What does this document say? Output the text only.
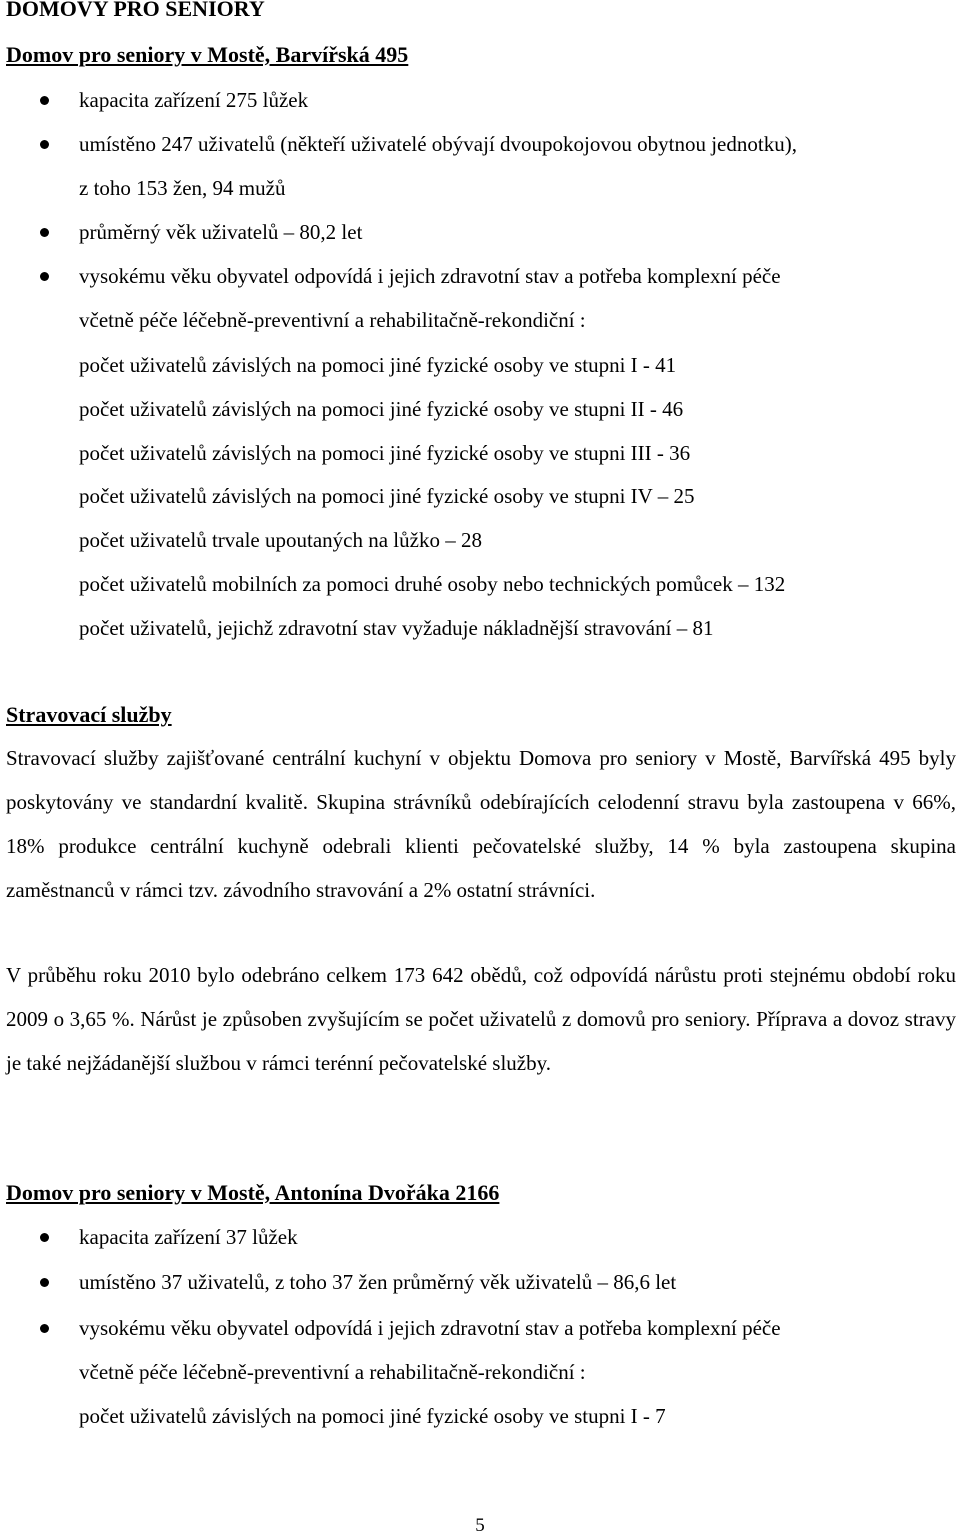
DOMOVY PRO SENIORY
Domov pro seniory v Mostě, Barvířská 495
kapacita zařízení 275 lůžek
umístěno 247 uživatelů (někteří uživatelé obývají dvoupokojovou obytnou jednotku),
z toho 153 žen, 94 mužů
průměrný věk uživatelů – 80,2 let
vysokému věku obyvatel odpovídá i jejich zdravotní stav a potřeba komplexní péče
včetně péče léčebně-preventivní a rehabilitačně-rekondiční :
počet uživatelů závislých na pomoci jiné fyzické osoby ve stupni I - 41
počet uživatelů závislých na pomoci jiné fyzické osoby ve stupni II - 46
počet uživatelů závislých na pomoci jiné fyzické osoby ve stupni III - 36
počet uživatelů závislých na pomoci jiné fyzické osoby ve stupni IV – 25
počet uživatelů trvale upoutaných na lůžko – 28
počet uživatelů mobilních za pomoci druhé osoby nebo technických pomůcek – 132
počet uživatelů, jejichž zdravotní stav vyžaduje nákladnější stravování – 81
Stravovací služby
Stravovací služby zajišťované centrální kuchyní v objektu Domova pro seniory v Mostě, Barvířská 495 byly poskytovány ve standardní kvalitě. Skupina strávníků odebírajících celodenní stravu byla zastoupena v 66%, 18% produkce centrální kuchyně odebrali klienti pečovatelské služby, 14 % byla zastoupena skupina zaměstnanců v rámci tzv. závodního stravování a 2% ostatní strávníci.
V průběhu roku 2010 bylo odebráno celkem 173 642 obědů, což odpovídá nárůstu proti stejnému období roku 2009 o 3,65 %. Nárůst je způsoben zvyšujícím se počet uživatelů z domovů pro seniory. Příprava a dovoz stravy je také nejžádanější službou v rámci terénní pečovatelské služby.
Domov pro seniory v Mostě, Antonína Dvořáka 2166
kapacita zařízení 37 lůžek
umístěno 37 uživatelů, z toho 37 žen průměrný věk uživatelů – 86,6 let
vysokému věku obyvatel odpovídá i jejich zdravotní stav a potřeba komplexní péče
včetně péče léčebně-preventivní a rehabilitačně-rekondiční :
počet uživatelů závislých na pomoci jiné fyzické osoby ve stupni I - 7
5
